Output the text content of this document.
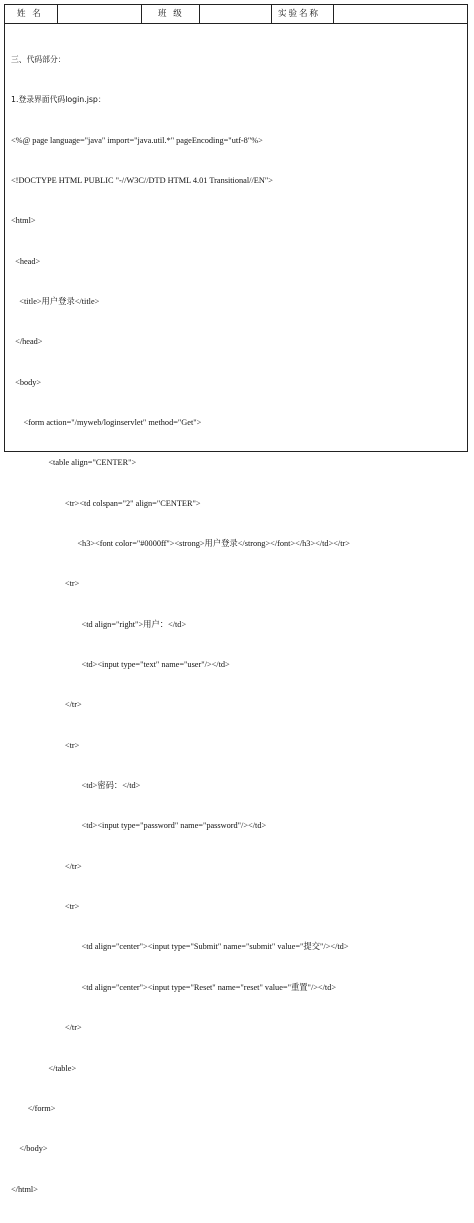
姓 名	班 级	实验名称

三、代码部分：

1.登录界面代码login.jsp：

<%@ page language="java" import="java.util.*" pageEncoding="utf-8"%>

<!DOCTYPE HTML PUBLIC "-//W3C//DTD HTML 4.01 Transitional//EN">

<html>

<head>

<title>用户登录</title>

</head>

<body>

<form action="/myweb/loginservlet" method="Get">

<table align="CENTER">

<tr><td colspan="2" align="CENTER">

<h3><font color="#0000ff"><strong>用户登录</strong></font></h3></td></tr>

<tr>

<td align="right">用户：</td>

<td><input type="text" name="user"/></td>

</tr>

<tr>

<td>密码：</td>

<td><input type="password" name="password"/></td>

</tr>

<tr>

<td align="center"><input type="Submit" name="submit" value="提交"/></td>

<td align="center"><input type="Reset" name="reset" value="重置"/></td>

</tr>

</table>

</form>

</body>

</html>
